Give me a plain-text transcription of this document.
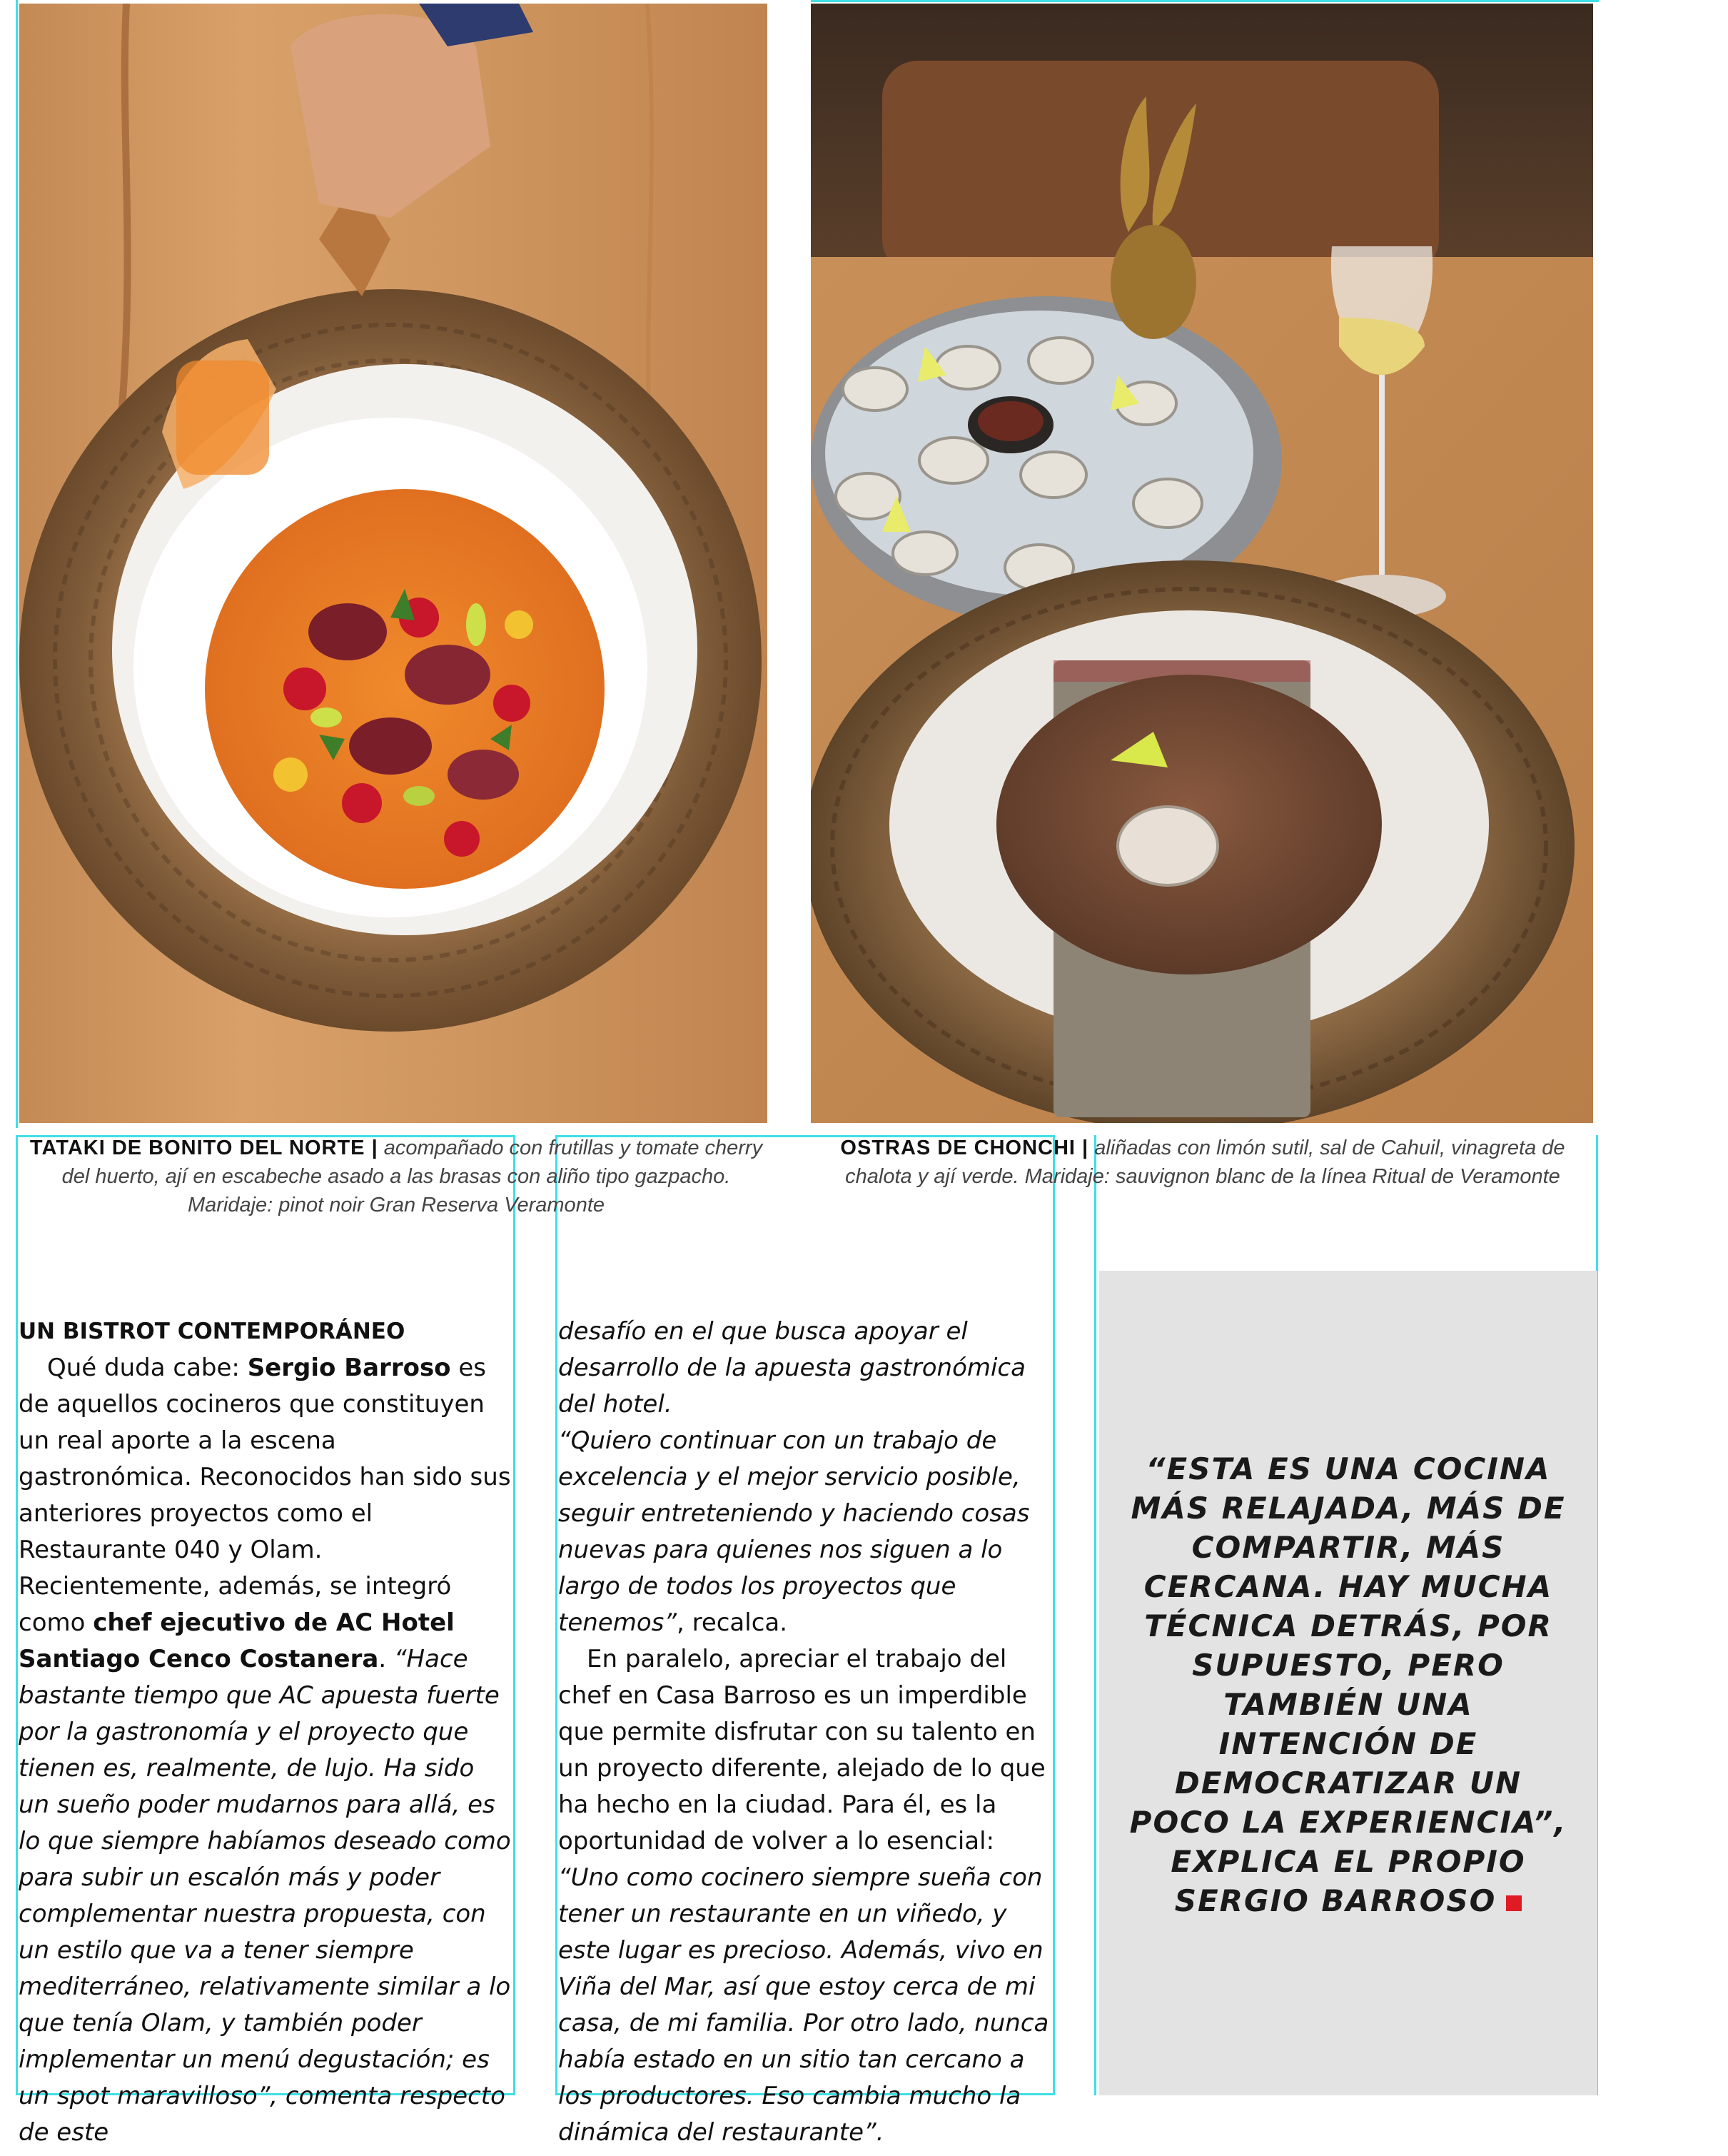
TATAKI DE BONITO DEL NORTE | acompañado con frutillas y tomate cherry del huerto, ají en escabeche asado a las brasas con aliño tipo gazpacho. Maridaje: pinot noir Gran Reserva Veramonte
OSTRAS DE CHONCHI | aliñadas con limón sutil, sal de Cahuil, vinagreta de chalota y ají verde. Maridaje: sauvignon blanc de la línea Ritual de Veramonte

UN BISTROT CONTEMPORÁNEO

Qué duda cabe: Sergio Barroso es de aquellos cocineros que constituyen un real aporte a la escena gastronómica. Reconocidos han sido sus anteriores proyectos como el Restaurante 040 y Olam. Recientemente, además, se integró como chef ejecutivo de AC Hotel Santiago Cenco Costanera. “Hace bastante tiempo que AC apuesta fuerte por la gastronomía y el proyecto que tienen es, realmente, de lujo. Ha sido un sueño poder mudarnos para allá, es lo que siempre habíamos deseado como para subir un escalón más y poder complementar nuestra propuesta, con un estilo que va a tener siempre mediterráneo, relativamente similar a lo que tenía Olam, y también poder implementar un menú degustación; es un spot maravilloso”, comenta respecto de este

desafío en el que busca apoyar el desarrollo de la apuesta gastronómica del hotel.

“Quiero continuar con un trabajo de excelencia y el mejor servicio posible, seguir entreteniendo y haciendo cosas nuevas para quienes nos siguen a lo largo de todos los proyectos que tenemos”, recalca.

En paralelo, apreciar el trabajo del chef en Casa Barroso es un imperdible que permite disfrutar con su talento en un proyecto diferente, alejado de lo que ha hecho en la ciudad. Para él, es la oportunidad de volver a lo esencial: “Uno como cocinero siempre sueña con tener un restaurante en un viñedo, y este lugar es precioso. Además, vivo en Viña del Mar, así que estoy cerca de mi casa, de mi familia. Por otro lado, nunca había estado en un sitio tan cercano a los productores. Eso cambia mucho la dinámica del restaurante”.

“ESTA ES UNA COCINA MÁS RELAJADA, MÁS DE COMPARTIR, MÁS CERCANA. HAY MUCHA TÉCNICA DETRÁS, POR SUPUESTO, PERO TAMBIÉN UNA INTENCIÓN DE DEMOCRATIZAR UN POCO LA EXPERIENCIA”, EXPLICA EL PROPIO SERGIO BARROSO
